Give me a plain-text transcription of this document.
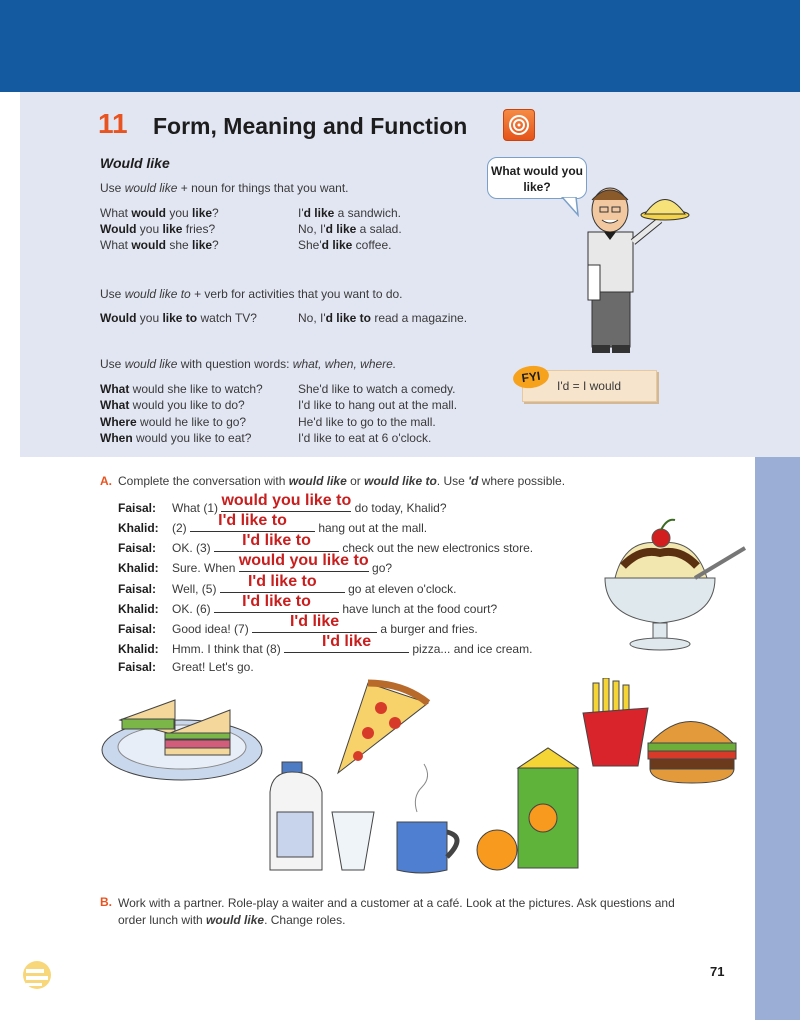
11 Form, Meaning and Function
Would like
Use would like + noun for things that you want.
Use would like to + verb for activities that you want to do.
Use would like with question words: what, when, where.
What would you like?
FYI
I'd = I would
A. Complete the conversation with would like or would like to. Use 'd where possible.
B. Work with a partner. Role-play a waiter and a customer at a café. Look at the pictures. Ask questions and
order lunch with would like. Change roles.
71
What would you like?	I'd like a sandwich.
Would you like fries?	No, I'd like a salad.
What would she like?	She'd like coffee.
Would you like to watch TV?	No, I'd like to read a magazine.
What would she like to watch?	She'd like to watch a comedy.
What would you like to do?	I'd like to hang out at the mall.
Where would he like to go?	He'd like to go to the mall.
When would you like to eat?	I'd like to eat at 6 o'clock.
Faisal: What (1) would you like to do today, Khalid?
Khalid: (2)	I'd like to	hang out at the mall.
Faisal: OK. (3)	I'd like to	check out the new electronics store.
Khalid: Sure. When would you like to go?
Faisal: Well, (5)	I'd like to	go at eleven o'clock.
Khalid: OK. (6)	I'd like to	have lunch at the food court?
Faisal: Good idea! (7)	I'd like	a burger and fries.
Khalid: Hmm. I think that (8)	I'd like	pizza... and ice cream.
Faisal: Great! Let's go.
